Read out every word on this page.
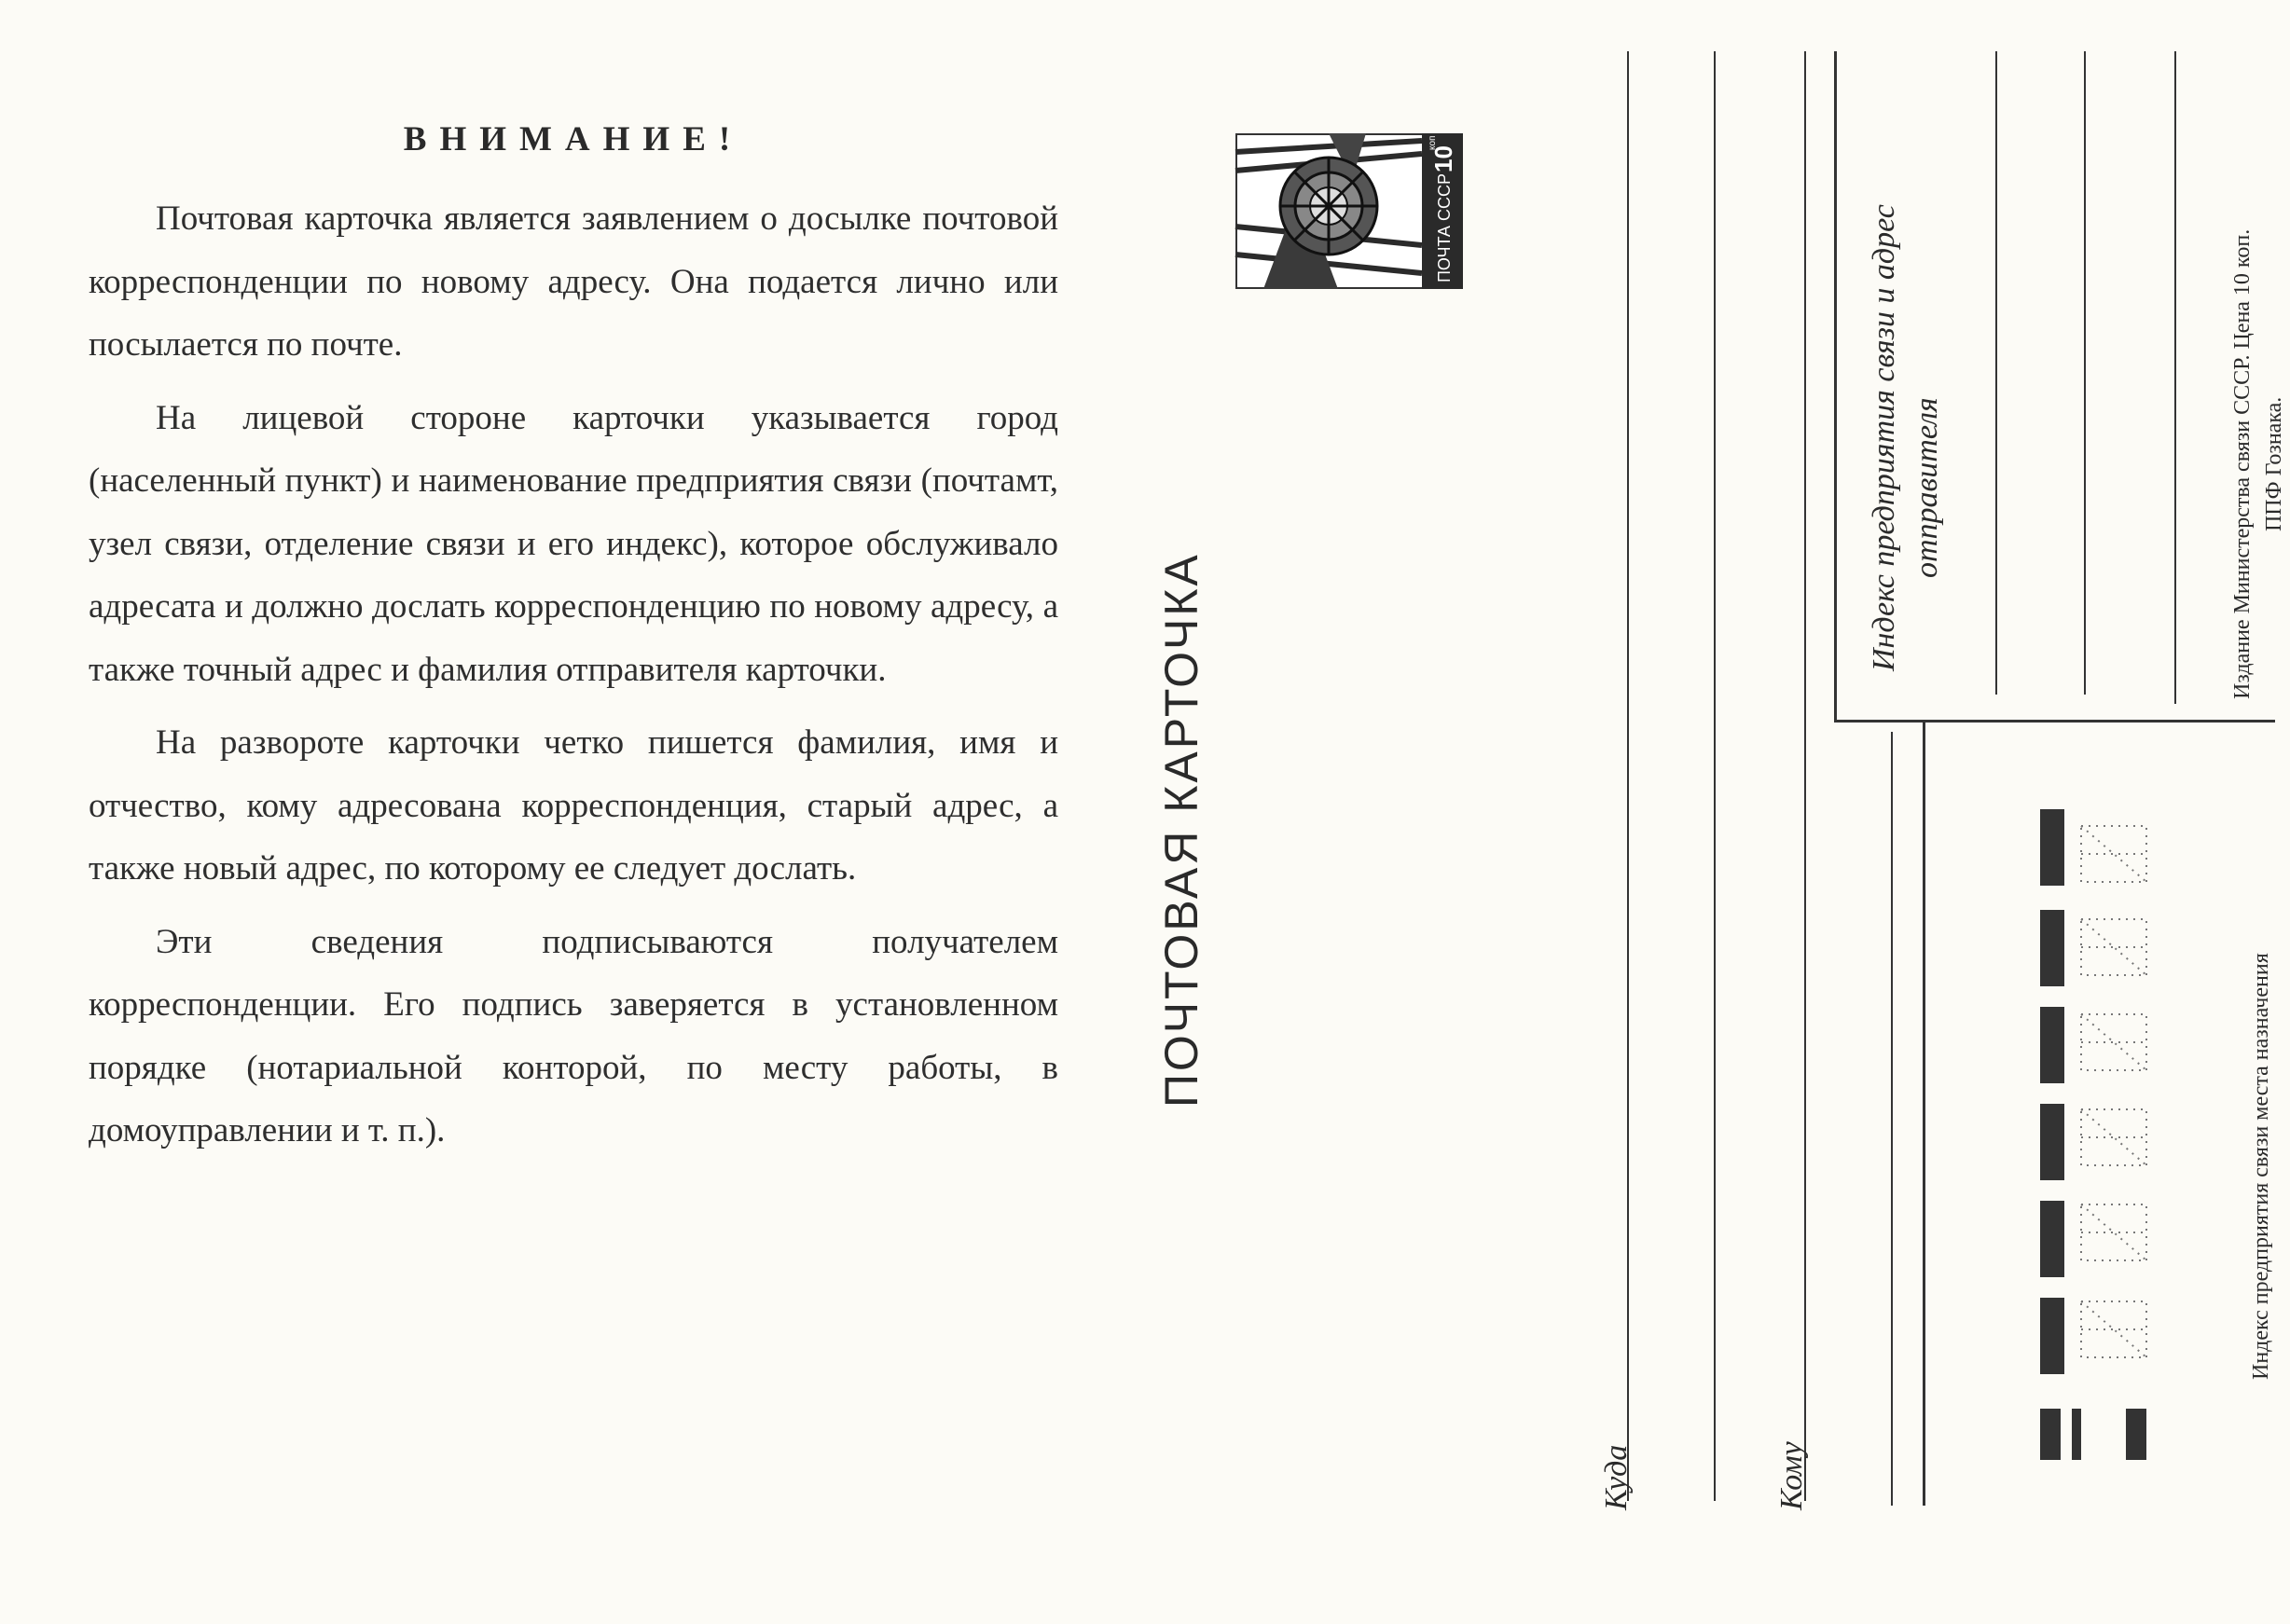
ВНИМАНИЕ!

Почтовая карточка является заявлением о досылке почтовой корреспонденции по новому адресу. Она подается лично или посылается по почте.

На лицевой стороне карточки указывается город (населенный пункт) и наименование предприятия связи (почтамт, узел связи, отделение связи и его индекс), которое обслуживало адресата и должно дослать корреспонденцию по новому адресу, а также точный адрес и фамилия отправителя карточки.

На развороте карточки четко пишется фамилия, имя и отчество, кому адресована корреспонденция, старый адрес, а также новый адрес, по которому ее следует дослать.

Эти сведения подписываются получателем корреспонденции. Его подпись заверяется в установленном порядке (нотариальной конторой, по месту работы, в домоуправлении и т. п.).

ПОЧТА СССР
10
коп
ПОЧТОВАЯ КАРТОЧКА
Куда	Кому
Индекс предприятия связи и адрес отправителя	Издание Министерства связи СССР. Цена 10 коп. ППФ Гознака.
Индекс предприятия связи места назначения
